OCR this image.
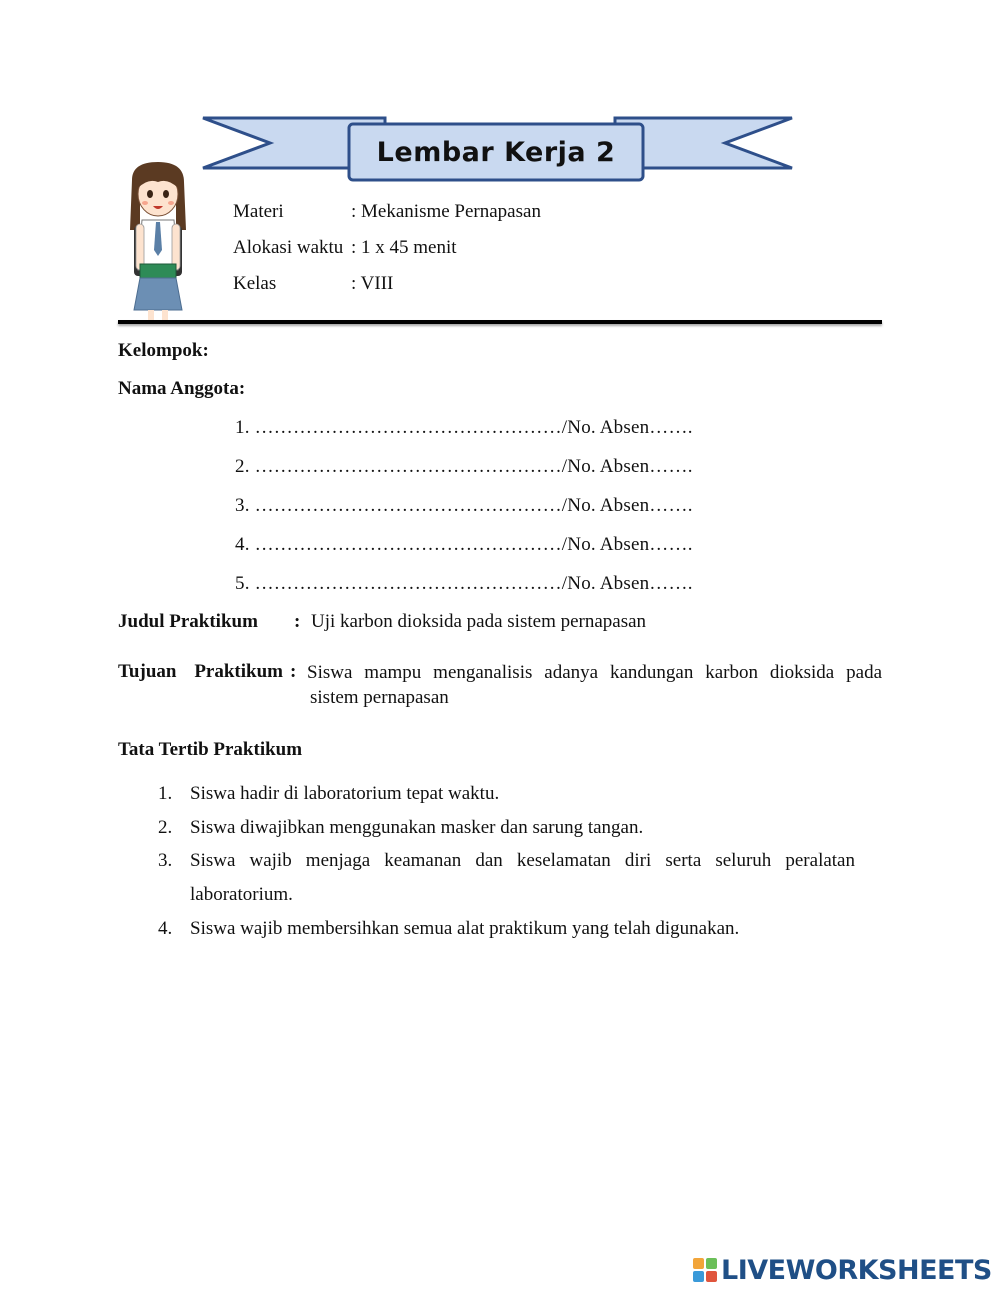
Lembar Kerja 2
Materi	: Mekanisme Pernapasan
Alokasi waktu : 1 x 45 menit
Kelas	: VIII
Kelompok:
Nama Anggota:
1. …………………………………………/No. Absen…….
2. …………………………………………/No. Absen…….
3. …………………………………………/No. Absen…….
4. …………………………………………/No. Absen…….
5. …………………………………………/No. Absen…….
Judul Praktikum : Uji karbon dioksida pada sistem pernapasan
Tujuan Praktikum : Siswa mampu menganalisis adanya kandungan karbon dioksida pada
sistem pernapasan
Tata Tertib Praktikum
1. Siswa hadir di laboratorium tepat waktu.
2. Siswa diwajibkan menggunakan masker dan sarung tangan.
3. Siswa wajib menjaga keamanan dan keselamatan diri serta seluruh peralatan
laboratorium.
4. Siswa wajib membersihkan semua alat praktikum yang telah digunakan.
LIVEWORKSHEETS
